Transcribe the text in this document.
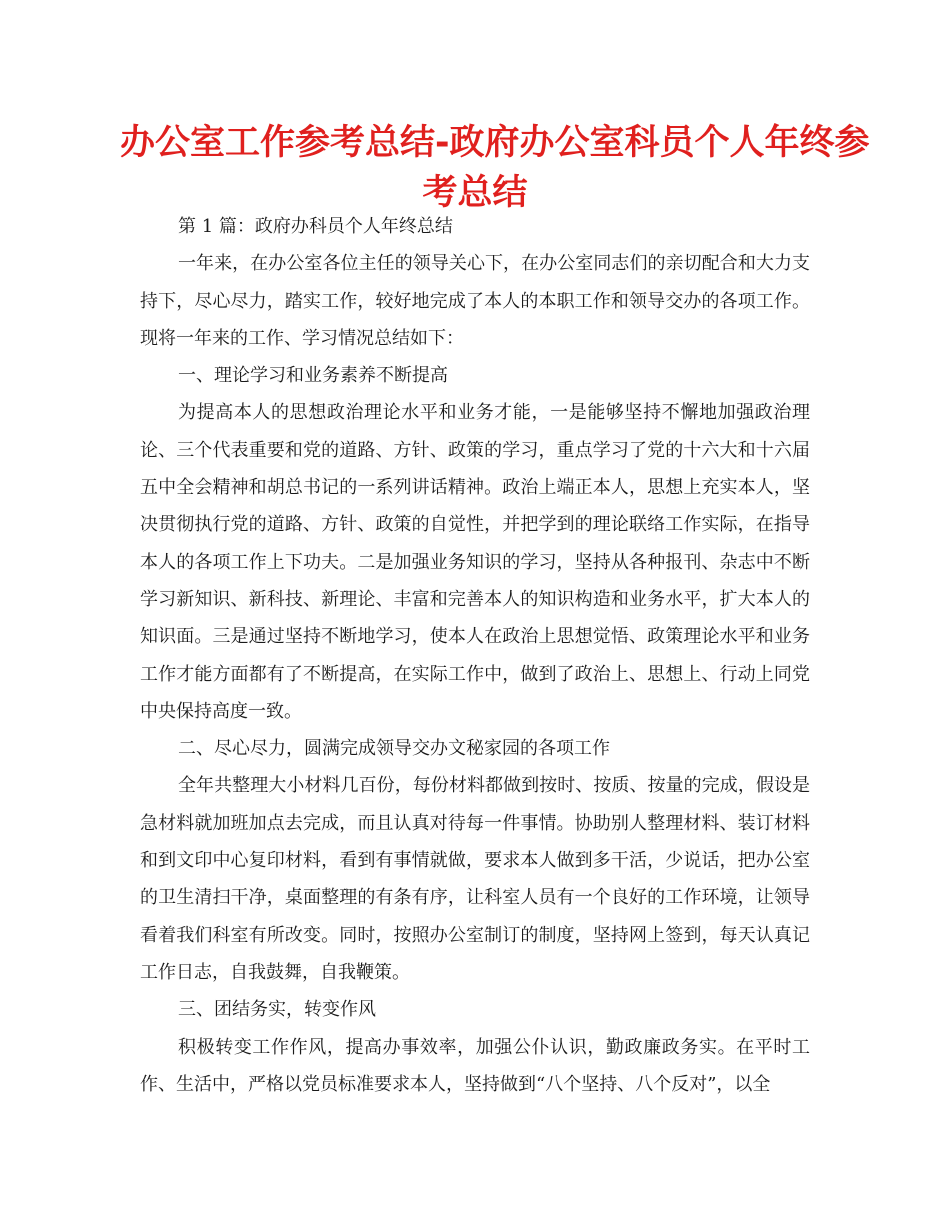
办公室工作参考总结-政府办公室科员个人年终参
考总结

第 1 篇：政府办科员个人年终总结

一年来，在办公室各位主任的领导关心下，在办公室同志们的亲切配合和大力支持下，尽心尽力，踏实工作，较好地完成了本人的本职工作和领导交办的各项工作。现将一年来的工作、学习情况总结如下：

一、理论学习和业务素养不断提高

为提高本人的思想政治理论水平和业务才能，一是能够坚持不懈地加强政治理论、三个代表重要和党的道路、方针、政策的学习，重点学习了党的十六大和十六届五中全会精神和胡总书记的一系列讲话精神。政治上端正本人，思想上充实本人，坚决贯彻执行党的道路、方针、政策的自觉性，并把学到的理论联络工作实际，在指导本人的各项工作上下功夫。二是加强业务知识的学习，坚持从各种报刊、杂志中不断学习新知识、新科技、新理论、丰富和完善本人的知识构造和业务水平，扩大本人的知识面。三是通过坚持不断地学习，使本人在政治上思想觉悟、政策理论水平和业务工作才能方面都有了不断提高，在实际工作中，做到了政治上、思想上、行动上同党中央保持高度一致。

二、尽心尽力，圆满完成领导交办文秘家园的各项工作

全年共整理大小材料几百份，每份材料都做到按时、按质、按量的完成，假设是急材料就加班加点去完成，而且认真对待每一件事情。协助别人整理材料、装订材料和到文印中心复印材料，看到有事情就做，要求本人做到多干活，少说话，把办公室的卫生清扫干净，桌面整理的有条有序，让科室人员有一个良好的工作环境，让领导看着我们科室有所改变。同时，按照办公室制订的制度，坚持网上签到，每天认真记工作日志，自我鼓舞，自我鞭策。

三、团结务实，转变作风

积极转变工作作风，提高办事效率，加强公仆认识，勤政廉政务实。在平时工作、生活中，严格以党员标准要求本人，坚持做到“八个坚持、八个反对”，以全
